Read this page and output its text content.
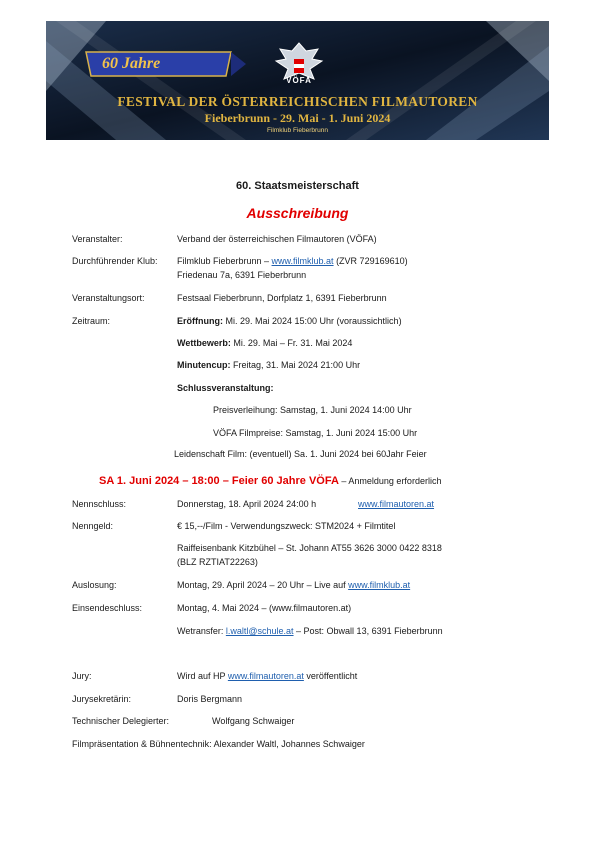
60 Jahre
VÖFA
FESTIVAL DER ÖSTERREICHISCHEN FILMAUTOREN
Fieberbrunn - 29. Mai - 1. Juni 2024
Filmklub Fieberbrunn
60. Staatsmeisterschaft
Ausschreibung
Veranstalter:	Verband der österreichischen Filmautoren (VÖFA)
Durchführender Klub: Filmklub Fieberbrunn – www.filmklub.at (ZVR 729169610)
Friedenau 7a, 6391 Fieberbrunn
Veranstaltungsort:	Festsaal Fieberbrunn, Dorfplatz 1, 6391 Fieberbrunn
Zeitraum:	Eröffnung: Mi. 29. Mai 2024 15:00 Uhr (voraussichtlich)
Wettbewerb: Mi. 29. Mai – Fr. 31. Mai 2024
Minutencup: Freitag, 31. Mai 2024 21:00 Uhr
Schlussveranstaltung:
Preisverleihung: Samstag, 1. Juni 2024 14:00 Uhr
VÖFA Filmpreise: Samstag, 1. Juni 2024 15:00 Uhr
Leidenschaft Film: (eventuell) Sa. 1. Juni 2024 bei 60Jahr Feier
SA 1. Juni 2024 – 18:00 – Feier 60 Jahre VÖFA – Anmeldung erforderlich
Nennschluss:	Donnerstag, 18. April 2024 24:00 h	www.filmautoren.at
Nenngeld:	€ 15,--/Film - Verwendungszweck: STM2024 + Filmtitel
Raiffeisenbank Kitzbühel – St. Johann AT55 3626 3000 0422 8318
(BLZ RZTIAT22263)
Auslosung:	Montag, 29. April 2024 – 20 Uhr – Live auf www.filmklub.at
Einsendeschluss:	Montag, 4. Mai 2024 – (www.filmautoren.at)
Wetransfer: l.waltl@schule.at – Post: Obwall 13, 6391 Fieberbrunn
Jury:	Wird auf HP www.filmautoren.at veröffentlicht
Jurysekretärin:	Doris Bergmann
Technischer Delegierter:	Wolfgang Schwaiger
Filmpräsentation & Bühnentechnik: Alexander Waltl, Johannes Schwaiger
